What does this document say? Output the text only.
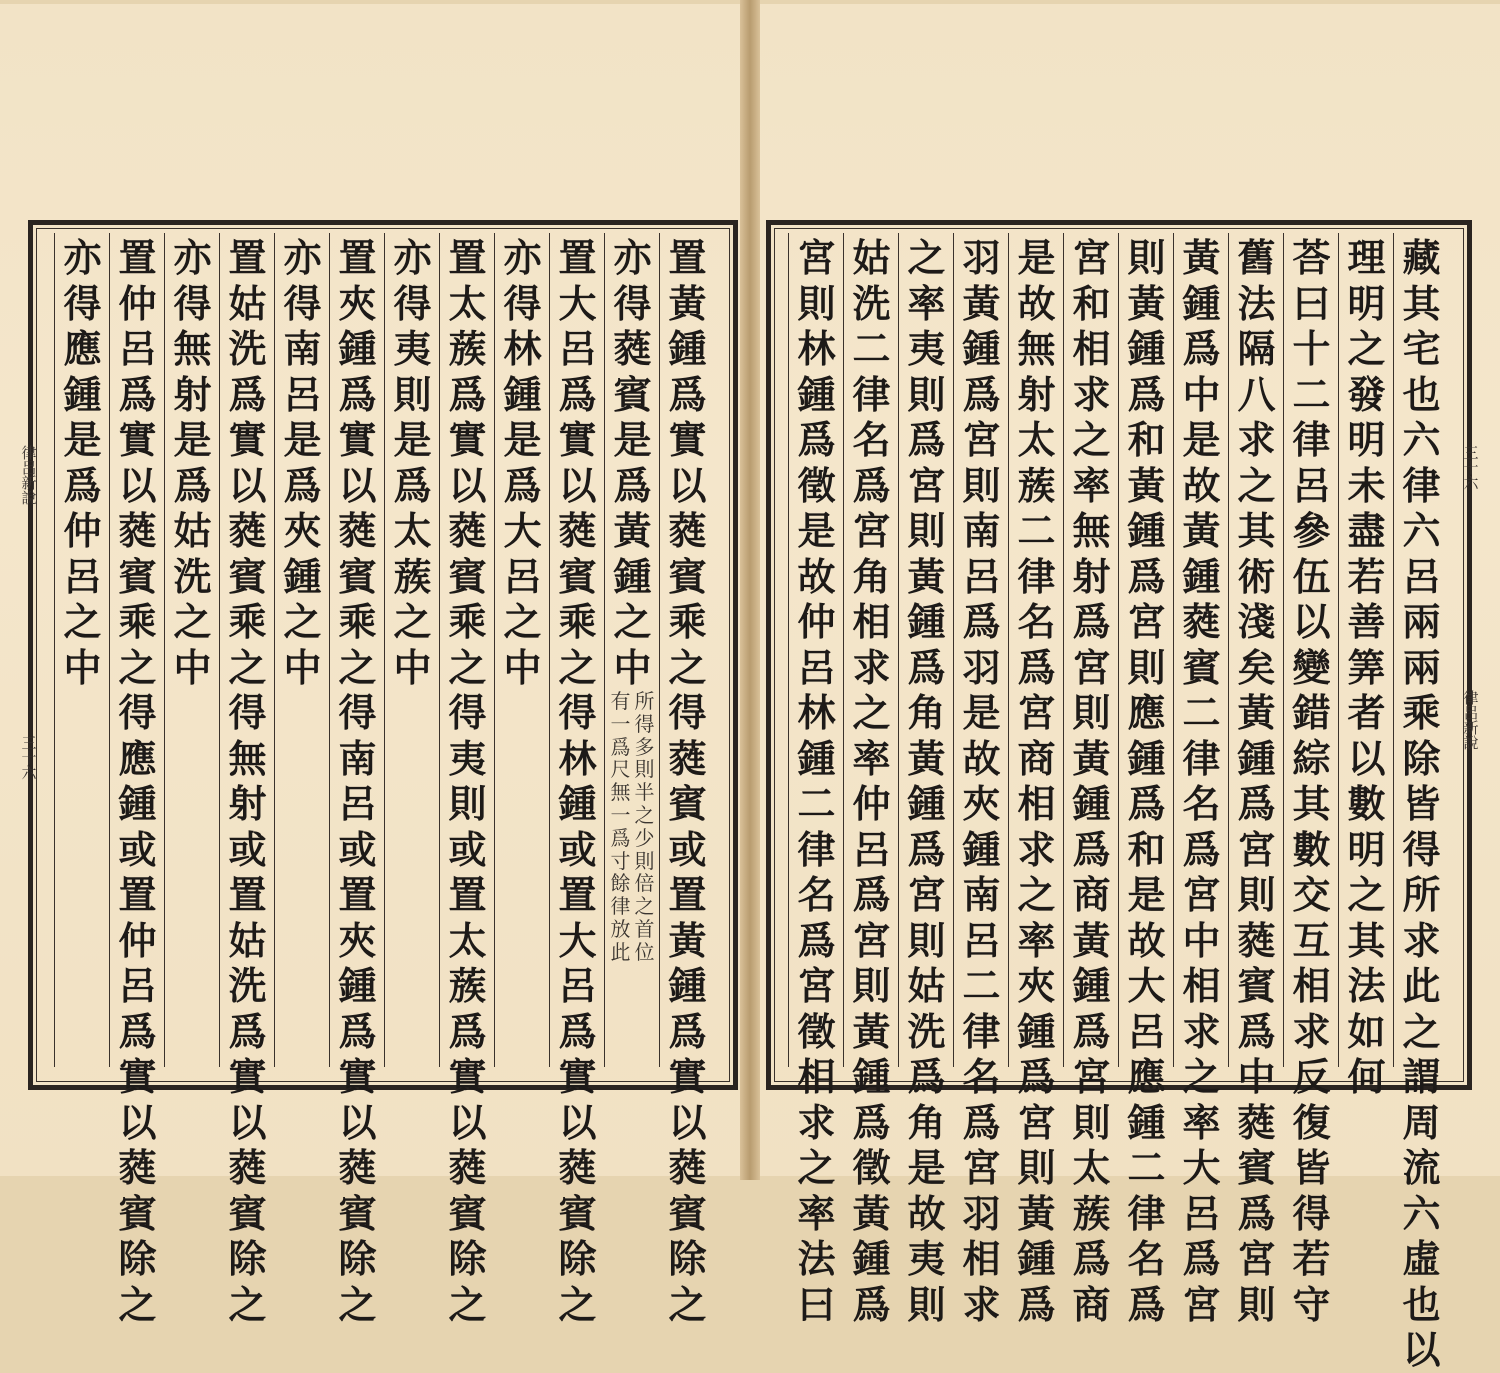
律呂新說
三十六
置
黃
鍾
爲
實
以
蕤
賓
乘
之
得
蕤
賓
或
置
黃
鍾
爲
實
以
蕤
賓
除
之
亦
得
蕤
賓
是
爲
黃
鍾
之
中
所
得
多
則
半
之
少
則
倍
之
首
位
有
一
爲
尺
無
一
爲
寸
餘
律
放
此
置
大
呂
爲
實
以
蕤
賓
乘
之
得
林
鍾
或
置
大
呂
爲
實
以
蕤
賓
除
之
亦
得
林
鍾
是
爲
大
呂
之
中
置
太
蔟
爲
實
以
蕤
賓
乘
之
得
夷
則
或
置
太
蔟
爲
實
以
蕤
賓
除
之
亦
得
夷
則
是
爲
太
蔟
之
中
置
夾
鍾
爲
實
以
蕤
賓
乘
之
得
南
呂
或
置
夾
鍾
爲
實
以
蕤
賓
除
之
亦
得
南
呂
是
爲
夾
鍾
之
中
置
姑
洗
爲
實
以
蕤
賓
乘
之
得
無
射
或
置
姑
洗
爲
實
以
蕤
賓
除
之
亦
得
無
射
是
爲
姑
洗
之
中
置
仲
呂
爲
實
以
蕤
賓
乘
之
得
應
鍾
或
置
仲
呂
爲
實
以
蕤
賓
除
之
亦
得
應
鍾
是
爲
仲
呂
之
中
三十六
律呂新說
藏
其
宅
也
六
律
六
呂
兩
兩
乘
除
皆
得
所
求
此
之
謂
周
流
六
虛
也
以
理
明
之
發
明
未
盡
若
善
筭
者
以
數
明
之
其
法
如
何
荅
曰
十
二
律
呂
參
伍
以
變
錯
綜
其
數
交
互
相
求
反
復
皆
得
若
守
舊
法
隔
八
求
之
其
術
淺
矣
黃
鍾
爲
宮
則
蕤
賓
爲
中
蕤
賓
爲
宮
則
黃
鍾
爲
中
是
故
黃
鍾
蕤
賓
二
律
名
爲
宮
中
相
求
之
率
大
呂
爲
宮
則
黃
鍾
爲
和
黃
鍾
爲
宮
則
應
鍾
爲
和
是
故
大
呂
應
鍾
二
律
名
爲
宮
和
相
求
之
率
無
射
爲
宮
則
黃
鍾
爲
商
黃
鍾
爲
宮
則
太
蔟
爲
商
是
故
無
射
太
蔟
二
律
名
爲
宮
商
相
求
之
率
夾
鍾
爲
宮
則
黃
鍾
爲
羽
黃
鍾
爲
宮
則
南
呂
爲
羽
是
故
夾
鍾
南
呂
二
律
名
爲
宮
羽
相
求
之
率
夷
則
爲
宮
則
黃
鍾
爲
角
黃
鍾
爲
宮
則
姑
洗
爲
角
是
故
夷
則
姑
洗
二
律
名
爲
宮
角
相
求
之
率
仲
呂
爲
宮
則
黃
鍾
爲
徵
黃
鍾
爲
宮
則
林
鍾
爲
徵
是
故
仲
呂
林
鍾
二
律
名
爲
宮
徵
相
求
之
率
法
曰
